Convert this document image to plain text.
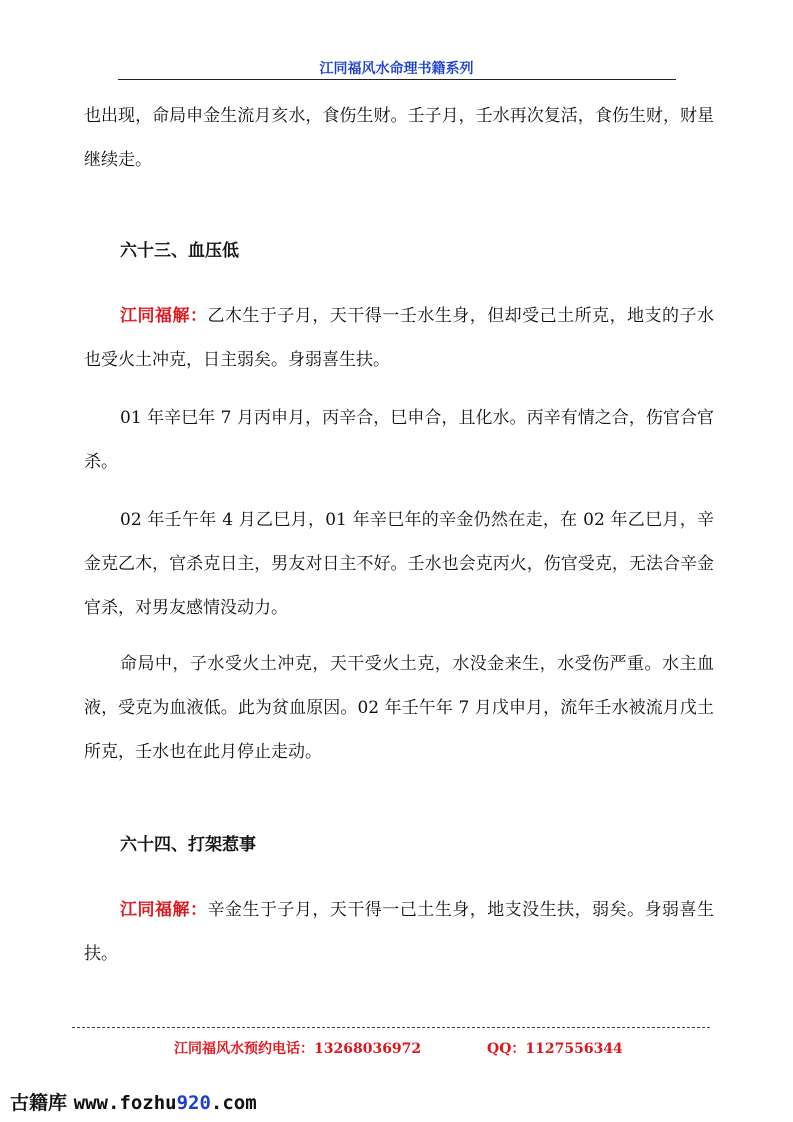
江同福风水命理书籍系列

也出现，命局申金生流月亥水，食伤生财。壬子月，壬水再次复活，食伤生财，财星继续走。

六十三、血压低

江同福解：乙木生于子月，天干得一壬水生身，但却受己土所克，地支的子水也受火土冲克，日主弱矣。身弱喜生扶。

01 年辛巳年 7 月丙申月，丙辛合，巳申合，且化水。丙辛有情之合，伤官合官杀。

02 年壬午年 4 月乙巳月，01 年辛巳年的辛金仍然在走，在 02 年乙巳月，辛金克乙木，官杀克日主，男友对日主不好。壬水也会克丙火，伤官受克，无法合辛金官杀，对男友感情没动力。

命局中，子水受火土冲克，天干受火土克，水没金来生，水受伤严重。水主血液，受克为血液低。此为贫血原因。02 年壬午年 7 月戊申月，流年壬水被流月戊土所克，壬水也在此月停止走动。

六十四、打架惹事

江同福解：辛金生于子月，天干得一己土生身，地支没生扶，弱矣。身弱喜生扶。

江同福风水预约电话：13268036972	QQ：1127556344
古籍库 www.fozhu920.com
